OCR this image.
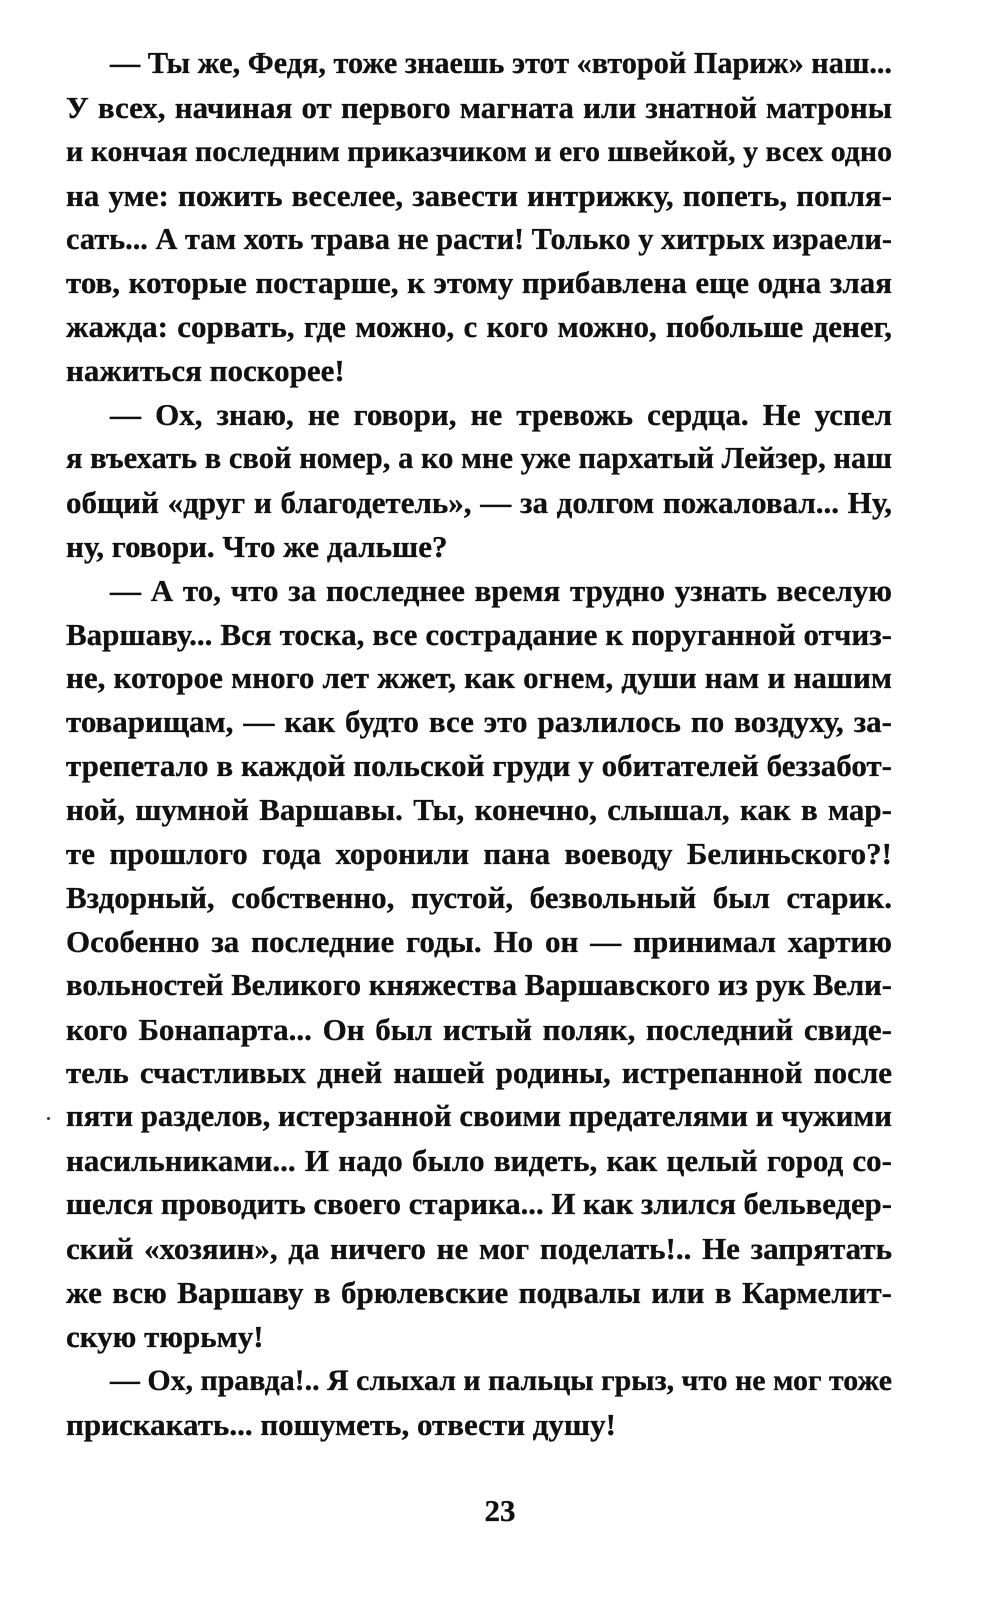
— Ты же, Федя, тоже знаешь этот «второй Париж» наш...
У всех, начиная от первого магната или знатной матроны
и кончая последним приказчиком и его швейкой, у всех одно
на уме: пожить веселее, завести интрижку, попеть, попля-
сать... А там хоть трава не расти! Только у хитрых израели-
тов, которые постарше, к этому прибавлена еще одна злая
жажда: сорвать, где можно, с кого можно, побольше денег,
нажиться поскорее!
— Ох, знаю, не говори, не тревожь сердца. Не успел
я въехать в свой номер, а ко мне уже пархатый Лейзер, наш
общий «друг и благодетель», — за долгом пожаловал... Ну,
ну, говори. Что же дальше?
— А то, что за последнее время трудно узнать веселую
Варшаву... Вся тоска, все сострадание к поруганной отчиз-
не, которое много лет жжет, как огнем, души нам и нашим
товарищам, — как будто все это разлилось по воздуху, за-
трепетало в каждой польской груди у обитателей беззабот-
ной, шумной Варшавы. Ты, конечно, слышал, как в мар-
те прошлого года хоронили пана воеводу Белиньского?!
Вздорный, собственно, пустой, безвольный был старик.
Особенно за последние годы. Но он — принимал хартию
вольностей Великого княжества Варшавского из рук Вели-
кого Бонапарта... Он был истый поляк, последний свиде-
тель счастливых дней нашей родины, истрепанной после
пяти разделов, истерзанной своими предателями и чужими
насильниками... И надо было видеть, как целый город со-
шелся проводить своего старика... И как злился бельведер-
ский «хозяин», да ничего не мог поделать!.. Не запрятать
же всю Варшаву в брюлевские подвалы или в Кармелит-
скую тюрьму!
— Ох, правда!.. Я слыхал и пальцы грыз, что не мог тоже
прискакать... пошуметь, отвести душу!
23
